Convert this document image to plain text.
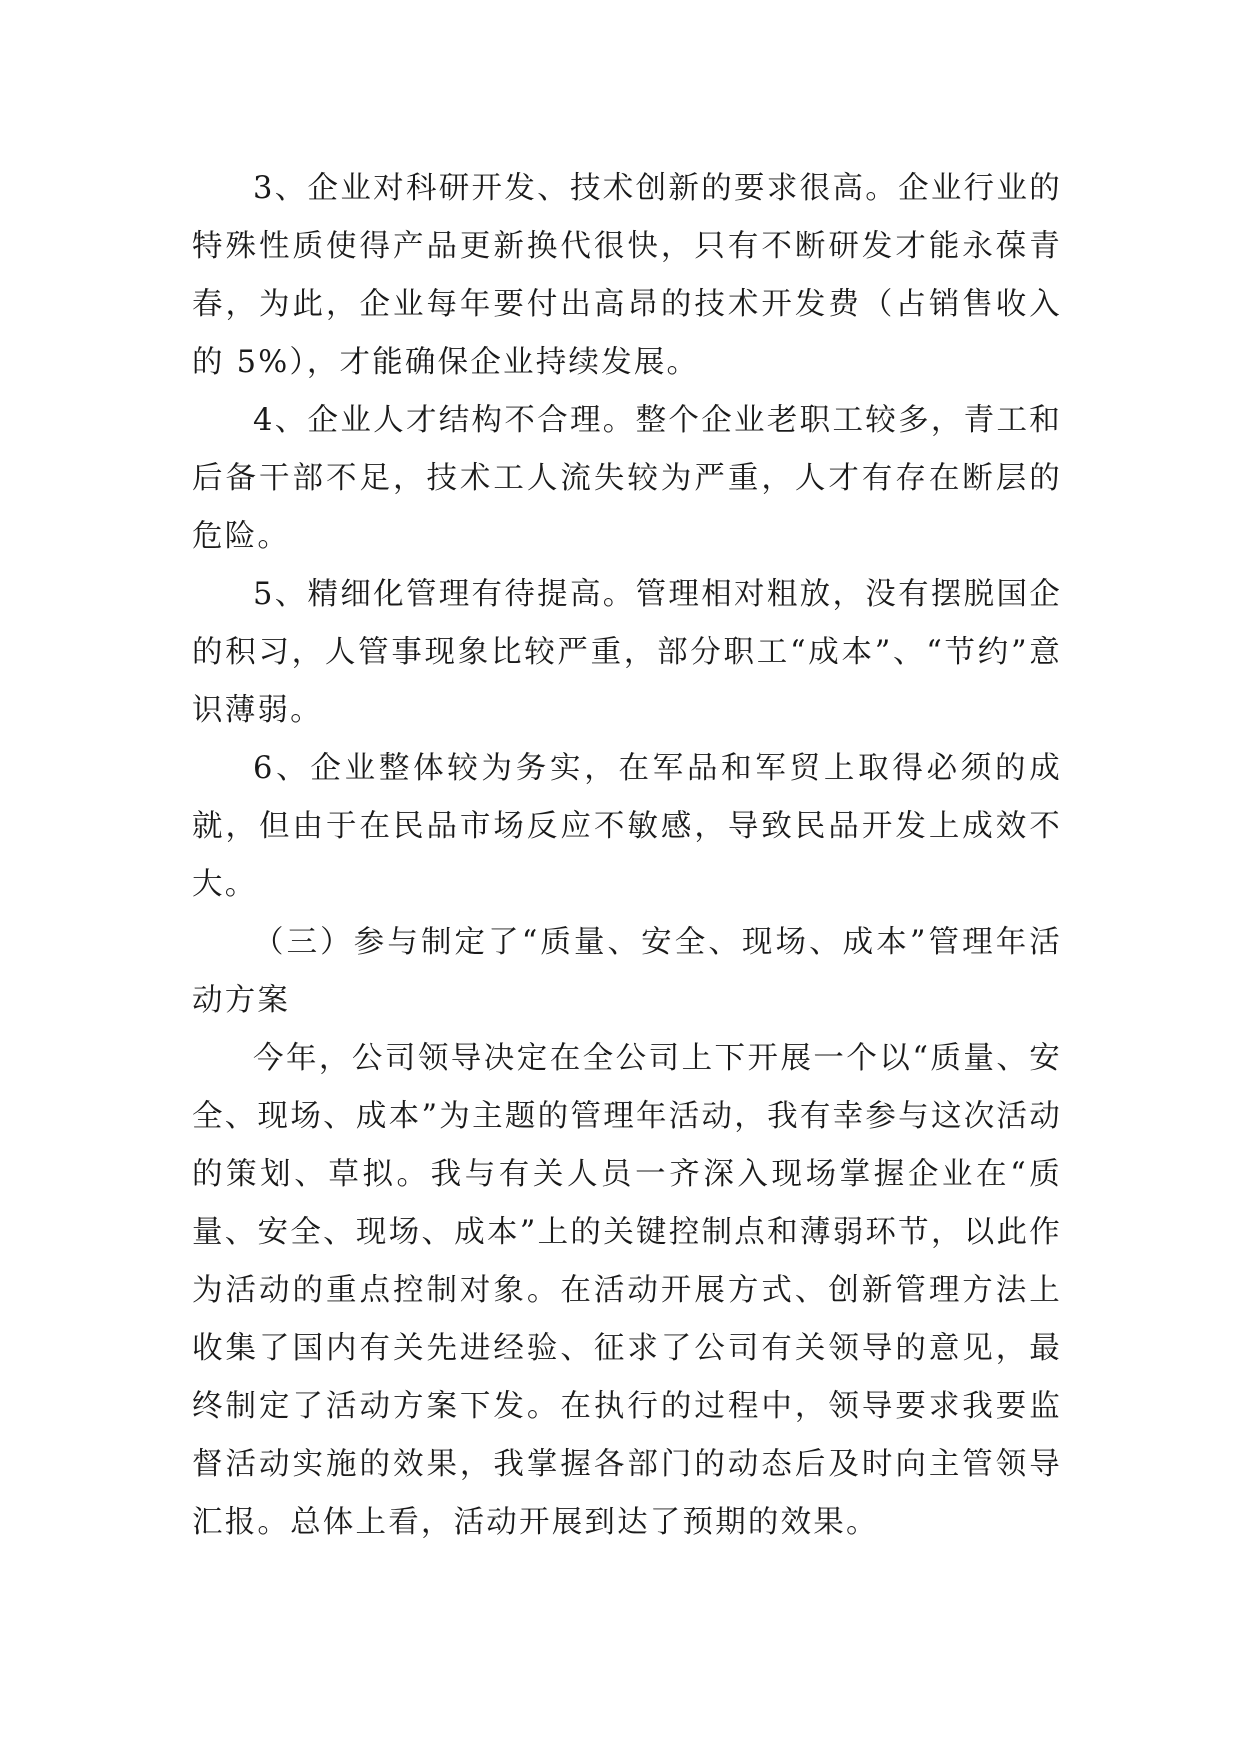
3、企业对科研开发、技术创新的要求很高。企业行业的特殊性质使得产品更新换代很快，只有不断研发才能永葆青春，为此，企业每年要付出高昂的技术开发费（占销售收入的 5%），才能确保企业持续发展。

4、企业人才结构不合理。整个企业老职工较多，青工和后备干部不足，技术工人流失较为严重，人才有存在断层的危险。

5、精细化管理有待提高。管理相对粗放，没有摆脱国企的积习，人管事现象比较严重，部分职工“成本”、“节约”意识薄弱。

6、企业整体较为务实，在军品和军贸上取得必须的成就，但由于在民品市场反应不敏感，导致民品开发上成效不大。

（三）参与制定了“质量、安全、现场、成本”管理年活动方案

今年，公司领导决定在全公司上下开展一个以“质量、安全、现场、成本”为主题的管理年活动，我有幸参与这次活动的策划、草拟。我与有关人员一齐深入现场掌握企业在“质量、安全、现场、成本”上的关键控制点和薄弱环节，以此作为活动的重点控制对象。在活动开展方式、创新管理方法上收集了国内有关先进经验、征求了公司有关领导的意见，最终制定了活动方案下发。在执行的过程中，领导要求我要监督活动实施的效果，我掌握各部门的动态后及时向主管领导汇报。总体上看，活动开展到达了预期的效果。
